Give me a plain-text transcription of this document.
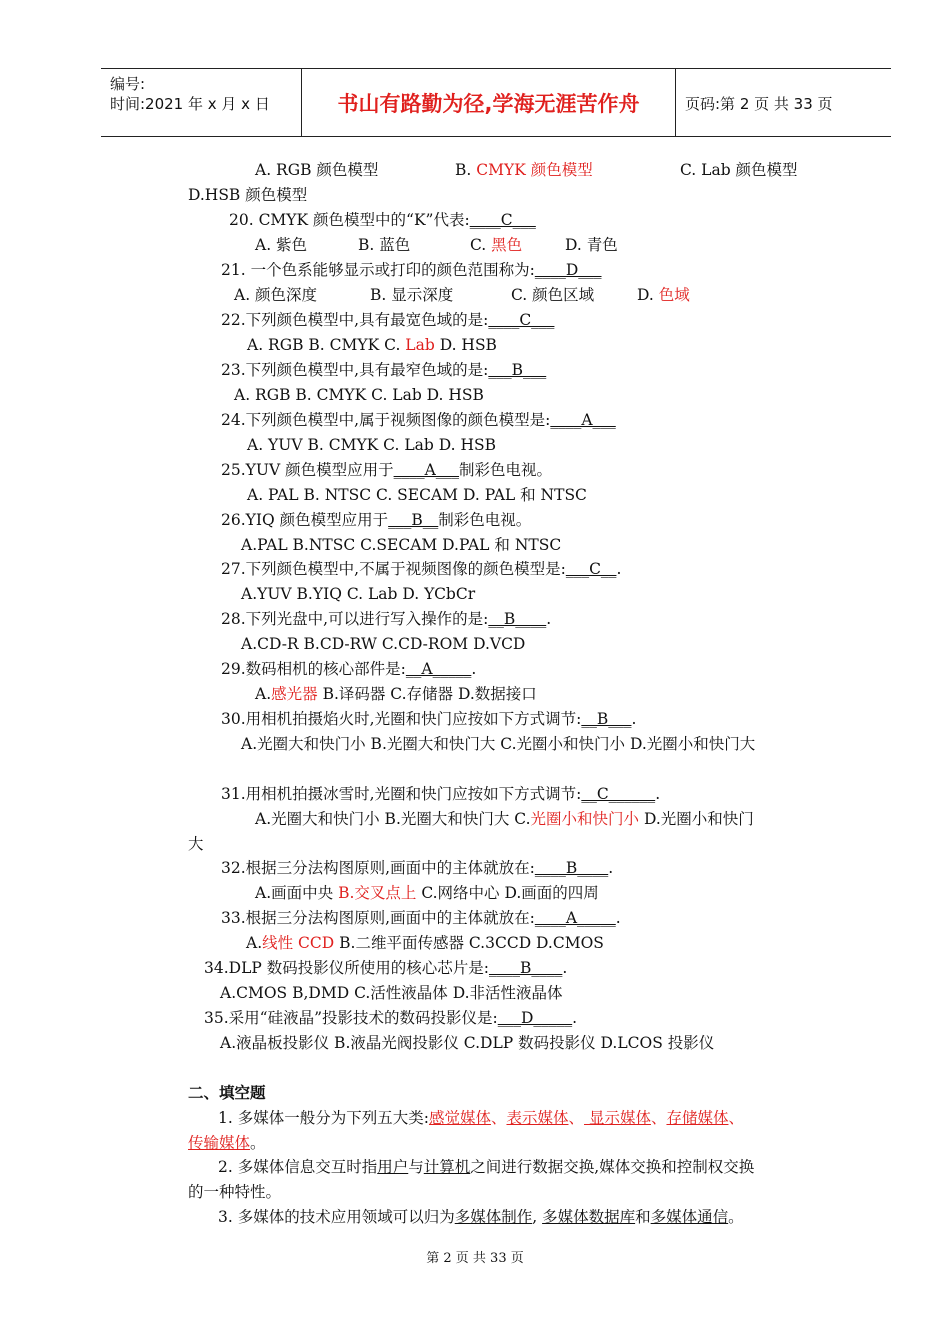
编号:
时间:2021 年 x 月 x 日	书山有路勤为径,学海无涯苦作舟	页码:第 2 页 共 33 页
A. RGB 颜色模型	B. CMYK 颜色模型	C. Lab 颜色模型
D.HSB 颜色模型
20. CMYK 颜色模型中的“K”代表:____C___
A. 紫色	B. 蓝色	C. 黑色	D. 青色
21. 一个色系能够显示或打印的颜色范围称为:____D___
A. 颜色深度	B. 显示深度	C. 颜色区域	D. 色域
22.下列颜色模型中,具有最宽色域的是:____C___
A. RGB B. CMYK C. Lab D. HSB
23.下列颜色模型中,具有最窄色域的是:___B___
A. RGB B. CMYK C. Lab D. HSB
24.下列颜色模型中,属于视频图像的颜色模型是:____A___
A. YUV B. CMYK C. Lab D. HSB
25.YUV 颜色模型应用于____A___制彩色电视。
A. PAL B. NTSC C. SECAM D. PAL 和 NTSC
26.YIQ 颜色模型应用于___B__制彩色电视。
A.PAL B.NTSC C.SECAM D.PAL 和 NTSC
27.下列颜色模型中,不属于视频图像的颜色模型是:___C__.
A.YUV B.YIQ C. Lab D. YCbCr
28.下列光盘中,可以进行写入操作的是:__B____.
A.CD-R B.CD-RW C.CD-ROM D.VCD
29.数码相机的核心部件是:__A_____.
A.感光器 B.译码器 C.存储器 D.数据接口
30.用相机拍摄焰火时,光圈和快门应按如下方式调节:__B___.
A.光圈大和快门小 B.光圈大和快门大 C.光圈小和快门小 D.光圈小和快门大
31.用相机拍摄冰雪时,光圈和快门应按如下方式调节:__C______.
A.光圈大和快门小 B.光圈大和快门大 C.光圈小和快门小 D.光圈小和快门
大
32.根据三分法构图原则,画面中的主体就放在:____B____.
A.画面中央 B.交叉点上 C.网络中心 D.画面的四周
33.根据三分法构图原则,画面中的主体就放在:____A_____.
A.线性 CCD B.二维平面传感器 C.3CCD D.CMOS
34.DLP 数码投影仪所使用的核心芯片是:____B____.
A.CMOS B,DMD C.活性液晶体 D.非活性液晶体
35.采用“硅液晶”投影技术的数码投影仪是:___D_____.
A.液晶板投影仪 B.液晶光阀投影仪 C.DLP 数码投影仪 D.LCOS 投影仪
二、填空题
1. 多媒体一般分为下列五大类:感觉媒体、表示媒体、 显示媒体、存储媒体、
传输媒体。
2. 多媒体信息交互时指用户与计算机之间进行数据交换,媒体交换和控制权交换
的一种特性。
3. 多媒体的技术应用领域可以归为多媒体制作, 多媒体数据库和多媒体通信。
第 2 页 共 33 页
